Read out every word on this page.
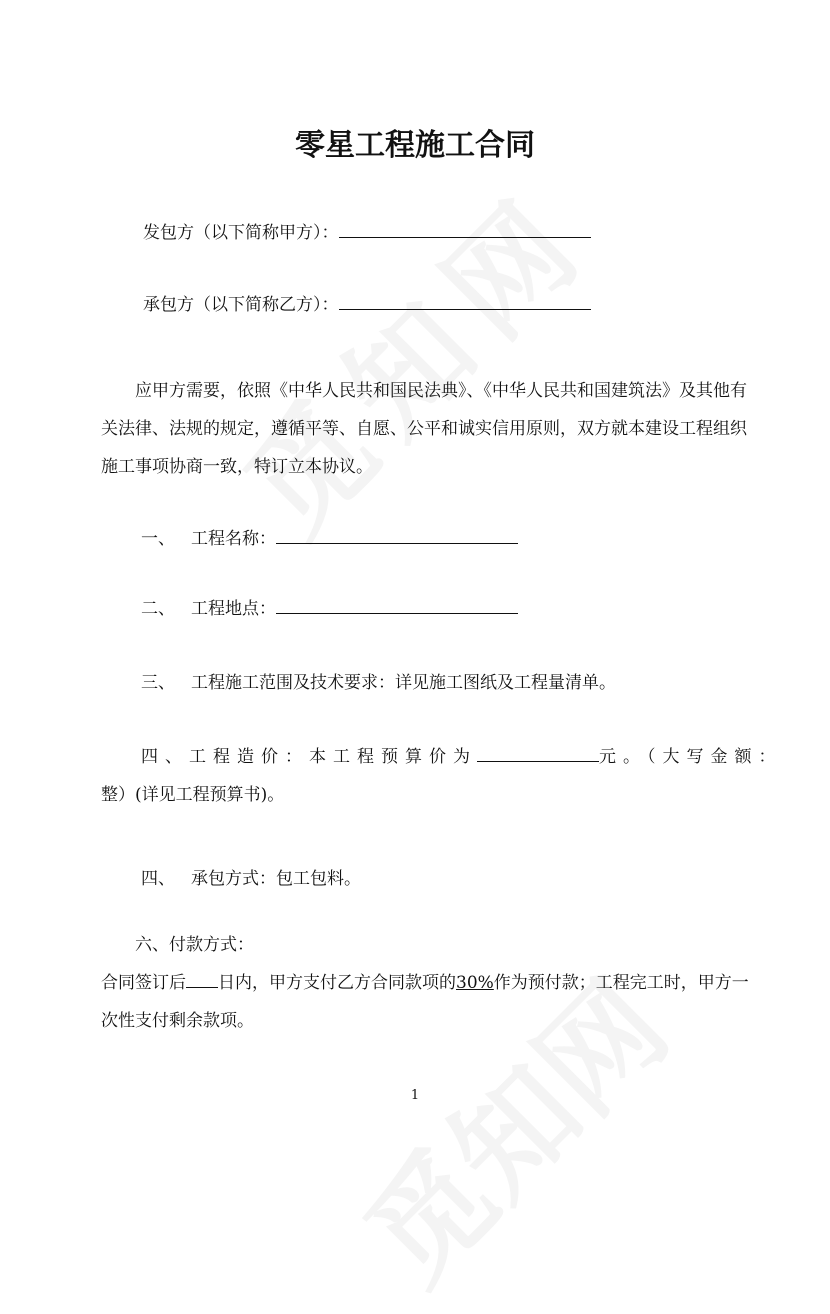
零星工程施工合同
发包方（以下简称甲方）：
承包方（以下简称乙方）：
应甲方需要，依照《中华人民共和国民法典》、《中华人民共和国建筑法》及其他有
关法律、法规的规定，遵循平等、自愿、公平和诚实信用原则，双方就本建设工程组织
施工事项协商一致，特订立本协议。
一、 工程名称：
二、 工程地点：
三、 工程施工范围及技术要求：详见施工图纸及工程量清单。
四、工程造价：本工程预算价为	元。（大写金额：
整）(详见工程预算书)。
四、 承包方式：包工包料。
六、付款方式：
合同签订后 日内，甲方支付乙方合同款项的30%作为预付款；工程完工时，甲方一
次性支付剩余款项。
1
